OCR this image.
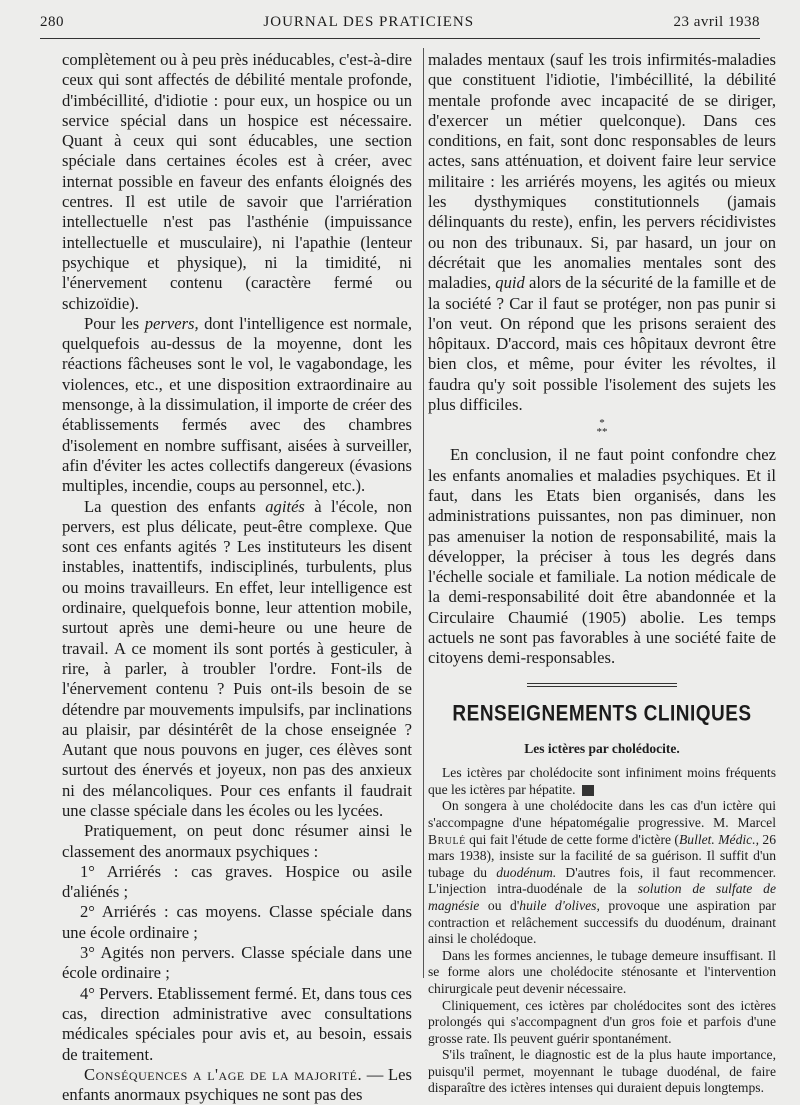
280	JOURNAL DES PRATICIENS	23 avril 1938

complètement ou à peu près inéducables, c'est-à-dire ceux qui sont affectés de débilité mentale profonde, d'imbécillité, d'idiotie : pour eux, un hospice ou un service spécial dans un hospice est nécessaire. Quant à ceux qui sont éducables, une section spéciale dans certaines écoles est à créer, avec internat possible en faveur des enfants éloignés des centres. Il est utile de savoir que l'arriération intellectuelle n'est pas l'asthénie (impuissance intellectuelle et musculaire), ni l'apathie (lenteur psychique et physique), ni la timidité, ni l'énervement contenu (caractère fermé ou schizoïdie).

Pour les pervers, dont l'intelligence est normale, quelquefois au-dessus de la moyenne, dont les réactions fâcheuses sont le vol, le vagabondage, les violences, etc., et une disposition extraordinaire au mensonge, à la dissimulation, il importe de créer des établissements fermés avec des chambres d'isolement en nombre suffisant, aisées à surveiller, afin d'éviter les actes collectifs dangereux (évasions multiples, incendie, coups au personnel, etc.).

La question des enfants agités à l'école, non pervers, est plus délicate, peut-être complexe. Que sont ces enfants agités ? Les instituteurs les disent instables, inattentifs, indisciplinés, turbulents, plus ou moins travailleurs. En effet, leur intelligence est ordinaire, quelquefois bonne, leur attention mobile, surtout après une demi-heure ou une heure de travail. A ce moment ils sont portés à gesticuler, à rire, à parler, à troubler l'ordre. Font-ils de l'énervement contenu ? Puis ont-ils besoin de se détendre par mouvements impulsifs, par inclinations au plaisir, par désintérêt de la chose enseignée ? Autant que nous pouvons en juger, ces élèves sont surtout des énervés et joyeux, non pas des anxieux ni des mélancoliques. Pour ces enfants il faudrait une classe spéciale dans les écoles ou les lycées.

Pratiquement, on peut donc résumer ainsi le classement des anormaux psychiques :

1° Arriérés : cas graves. Hospice ou asile d'aliénés ;

2° Arriérés : cas moyens. Classe spéciale dans une école ordinaire ;

3° Agités non pervers. Classe spéciale dans une école ordinaire ;

4° Pervers. Etablissement fermé. Et, dans tous ces cas, direction administrative avec consultations médicales spéciales pour avis et, au besoin, essais de traitement.

Conséquences a l'age de la majorité. — Les enfants anormaux psychiques ne sont pas des

malades mentaux (sauf les trois infirmités-maladies que constituent l'idiotie, l'imbécillité, la débilité mentale profonde avec incapacité de se diriger, d'exercer un métier quelconque). Dans ces conditions, en fait, sont donc responsables de leurs actes, sans atténuation, et doivent faire leur service militaire : les arriérés moyens, les agités ou mieux les dysthymiques constitutionnels (jamais délinquants du reste), enfin, les pervers récidivistes ou non des tribunaux. Si, par hasard, un jour on décrétait que les anomalies mentales sont des maladies, quid alors de la sécurité de la famille et de la société ? Car il faut se protéger, non pas punir si l'on veut. On répond que les prisons seraient des hôpitaux. D'accord, mais ces hôpitaux devront être bien clos, et même, pour éviter les révoltes, il faudra qu'y soit possible l'isolement des sujets les plus difficiles.

*
**

En conclusion, il ne faut point confondre chez les enfants anomalies et maladies psychiques. Et il faut, dans les Etats bien organisés, dans les administrations puissantes, non pas diminuer, non pas amenuiser la notion de responsabilité, mais la développer, la préciser à tous les degrés dans l'échelle sociale et familiale. La notion médicale de la demi-responsabilité doit être abandonnée et la Circulaire Chaumié (1905) abolie. Les temps actuels ne sont pas favorables à une société faite de citoyens demi-responsables.

RENSEIGNEMENTS CLINIQUES
Les ictères par cholédocite.

Les ictères par cholédocite sont infiniment moins fréquents que les ictères par hépatite.

On songera à une cholédocite dans les cas d'un ictère qui s'accompagne d'une hépatomégalie progressive. M. Marcel Brulé qui fait l'étude de cette forme d'ictère (Bullet. Médic., 26 mars 1938), insiste sur la facilité de sa guérison. Il suffit d'un tubage du duodénum. D'autres fois, il faut recommencer. L'injection intra-duodénale de la solution de sulfate de magnésie ou d'huile d'olives, provoque une aspiration par contraction et relâchement successifs du duodénum, drainant ainsi le cholédoque.

Dans les formes anciennes, le tubage demeure insuffisant. Il se forme alors une cholédocite sténosante et l'intervention chirurgicale peut devenir nécessaire.

Cliniquement, ces ictères par cholédocites sont des ictères prolongés qui s'accompagnent d'un gros foie et parfois d'une grosse rate. Ils peuvent guérir spontanément.

S'ils traînent, le diagnostic est de la plus haute importance, puisqu'il permet, moyennant le tubage duodénal, de faire disparaître des ictères intenses qui duraient depuis longtemps.
